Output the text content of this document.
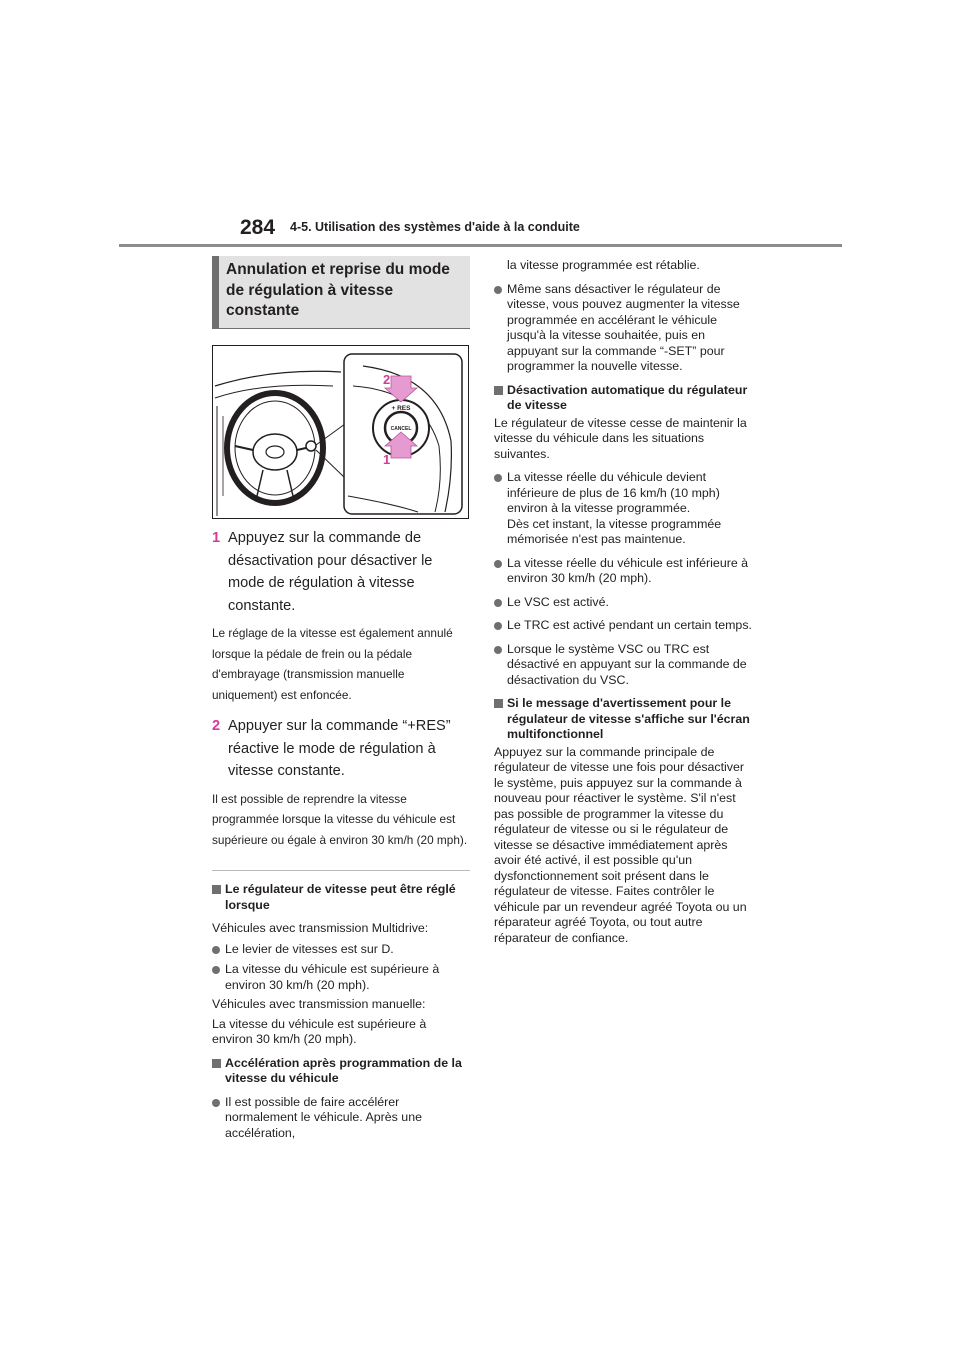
284 4-5. Utilisation des systèmes d'aide à la conduite
Annulation et reprise du mode
de régulation à vitesse
constante
+ RES
CANCEL
2
1
1 Appuyez sur la commande de désactivation pour désactiver le mode de régulation à vitesse constante.
Le réglage de la vitesse est également annulé lorsque la pédale de frein ou la pédale d'embrayage (transmission manuelle uniquement) est enfoncée.
2 Appuyer sur la commande “+RES” réactive le mode de régulation à vitesse constante.
Il est possible de reprendre la vitesse programmée lorsque la vitesse du véhicule est supérieure ou égale à environ 30 km/h (20 mph).
Le régulateur de vitesse peut être réglé lorsque
Véhicules avec transmission Multidrive:
Le levier de vitesses est sur D.
La vitesse du véhicule est supérieure à environ 30 km/h (20 mph).
Véhicules avec transmission manuelle:
La vitesse du véhicule est supérieure à environ 30 km/h (20 mph).
Accélération après programmation de la vitesse du véhicule
Il est possible de faire accélérer normalement le véhicule. Après une accélération,
la vitesse programmée est rétablie.
Même sans désactiver le régulateur de vitesse, vous pouvez augmenter la vitesse programmée en accélérant le véhicule jusqu'à la vitesse souhaitée, puis en appuyant sur la commande “-SET” pour programmer la nouvelle vitesse.
Désactivation automatique du régulateur de vitesse
Le régulateur de vitesse cesse de maintenir la vitesse du véhicule dans les situations suivantes.
La vitesse réelle du véhicule devient inférieure de plus de 16 km/h (10 mph) environ à la vitesse programmée.
Dès cet instant, la vitesse programmée mémorisée n'est pas maintenue.
La vitesse réelle du véhicule est inférieure à environ 30 km/h (20 mph).
Le VSC est activé.
Le TRC est activé pendant un certain temps.
Lorsque le système VSC ou TRC est désactivé en appuyant sur la commande de désactivation du VSC.
Si le message d'avertissement pour le régulateur de vitesse s'affiche sur l'écran multifonctionnel
Appuyez sur la commande principale de régulateur de vitesse une fois pour désactiver le système, puis appuyez sur la commande à nouveau pour réactiver le système. S'il n'est pas possible de programmer la vitesse du régulateur de vitesse ou si le régulateur de vitesse se désactive immédiatement après avoir été activé, il est possible qu'un dysfonctionnement soit présent dans le régulateur de vitesse. Faites contrôler le véhicule par un revendeur agréé Toyota ou un réparateur agréé Toyota, ou tout autre réparateur de confiance.
